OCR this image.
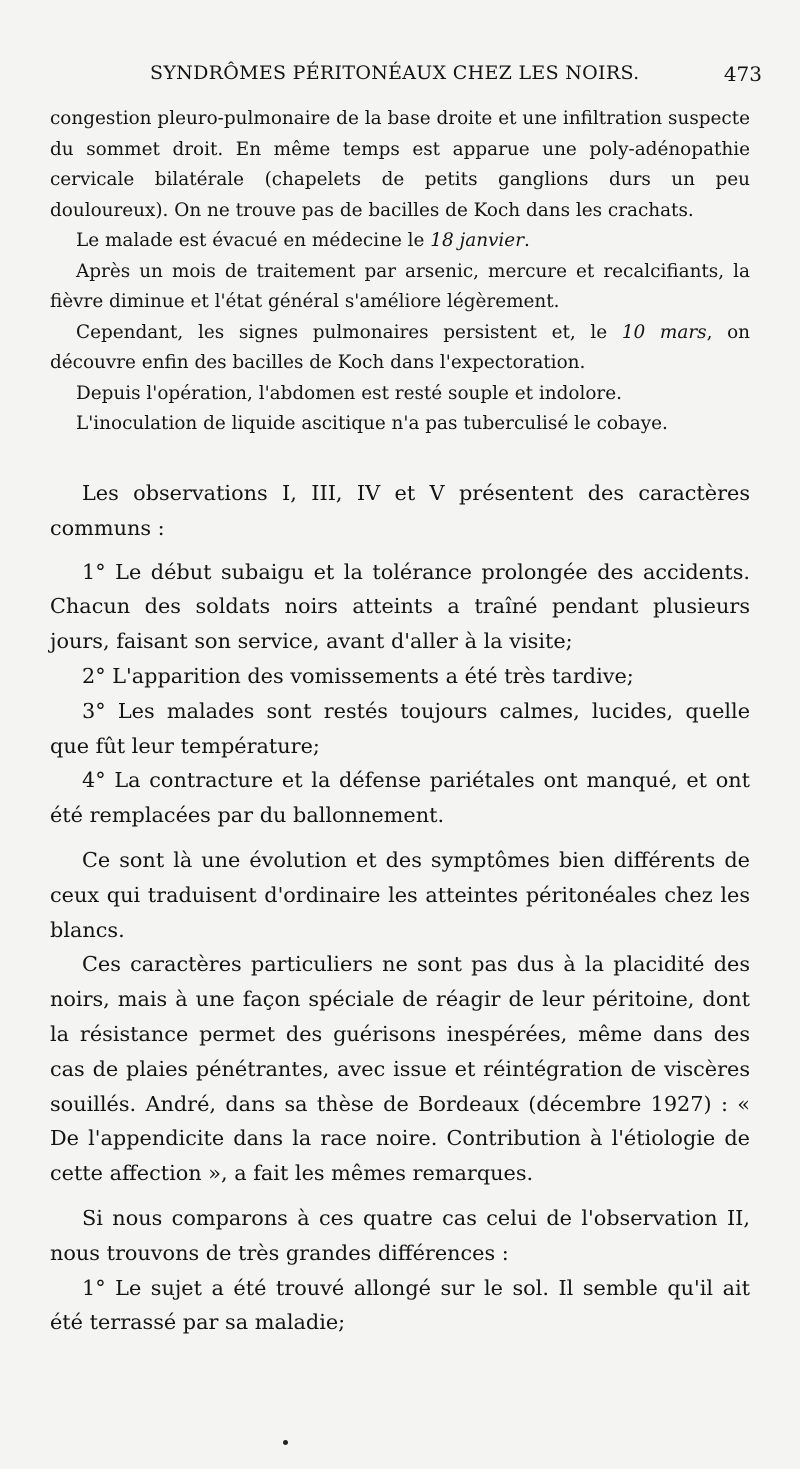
SYNDRÔMES PÉRITONÉAUX CHEZ LES NOIRS.	473

congestion pleuro-pulmonaire de la base droite et une infiltration suspecte du sommet droit. En même temps est apparue une poly-adénopathie cervicale bilatérale (chapelets de petits ganglions durs un peu douloureux). On ne trouve pas de bacilles de Koch dans les crachats.

Le malade est évacué en médecine le 18 janvier.

Après un mois de traitement par arsenic, mercure et recalcifiants, la fièvre diminue et l'état général s'améliore légèrement.

Cependant, les signes pulmonaires persistent et, le 10 mars, on découvre enfin des bacilles de Koch dans l'expectoration.

Depuis l'opération, l'abdomen est resté souple et indolore.

L'inoculation de liquide ascitique n'a pas tuberculisé le cobaye.

Les observations I, III, IV et V présentent des caractères communs :

1° Le début subaigu et la tolérance prolongée des accidents. Chacun des soldats noirs atteints a traîné pendant plusieurs jours, faisant son service, avant d'aller à la visite;

2° L'apparition des vomissements a été très tardive;

3° Les malades sont restés toujours calmes, lucides, quelle que fût leur température;

4° La contracture et la défense pariétales ont manqué, et ont été remplacées par du ballonnement.

Ce sont là une évolution et des symptômes bien différents de ceux qui traduisent d'ordinaire les atteintes péritonéales chez les blancs.

Ces caractères particuliers ne sont pas dus à la placidité des noirs, mais à une façon spéciale de réagir de leur péritoine, dont la résistance permet des guérisons inespérées, même dans des cas de plaies pénétrantes, avec issue et réintégration de viscères souillés. André, dans sa thèse de Bordeaux (décembre 1927) : « De l'appendicite dans la race noire. Contribution à l'étiologie de cette affection », a fait les mêmes remarques.

Si nous comparons à ces quatre cas celui de l'observation II, nous trouvons de très grandes différences :

1° Le sujet a été trouvé allongé sur le sol. Il semble qu'il ait été terrassé par sa maladie;
